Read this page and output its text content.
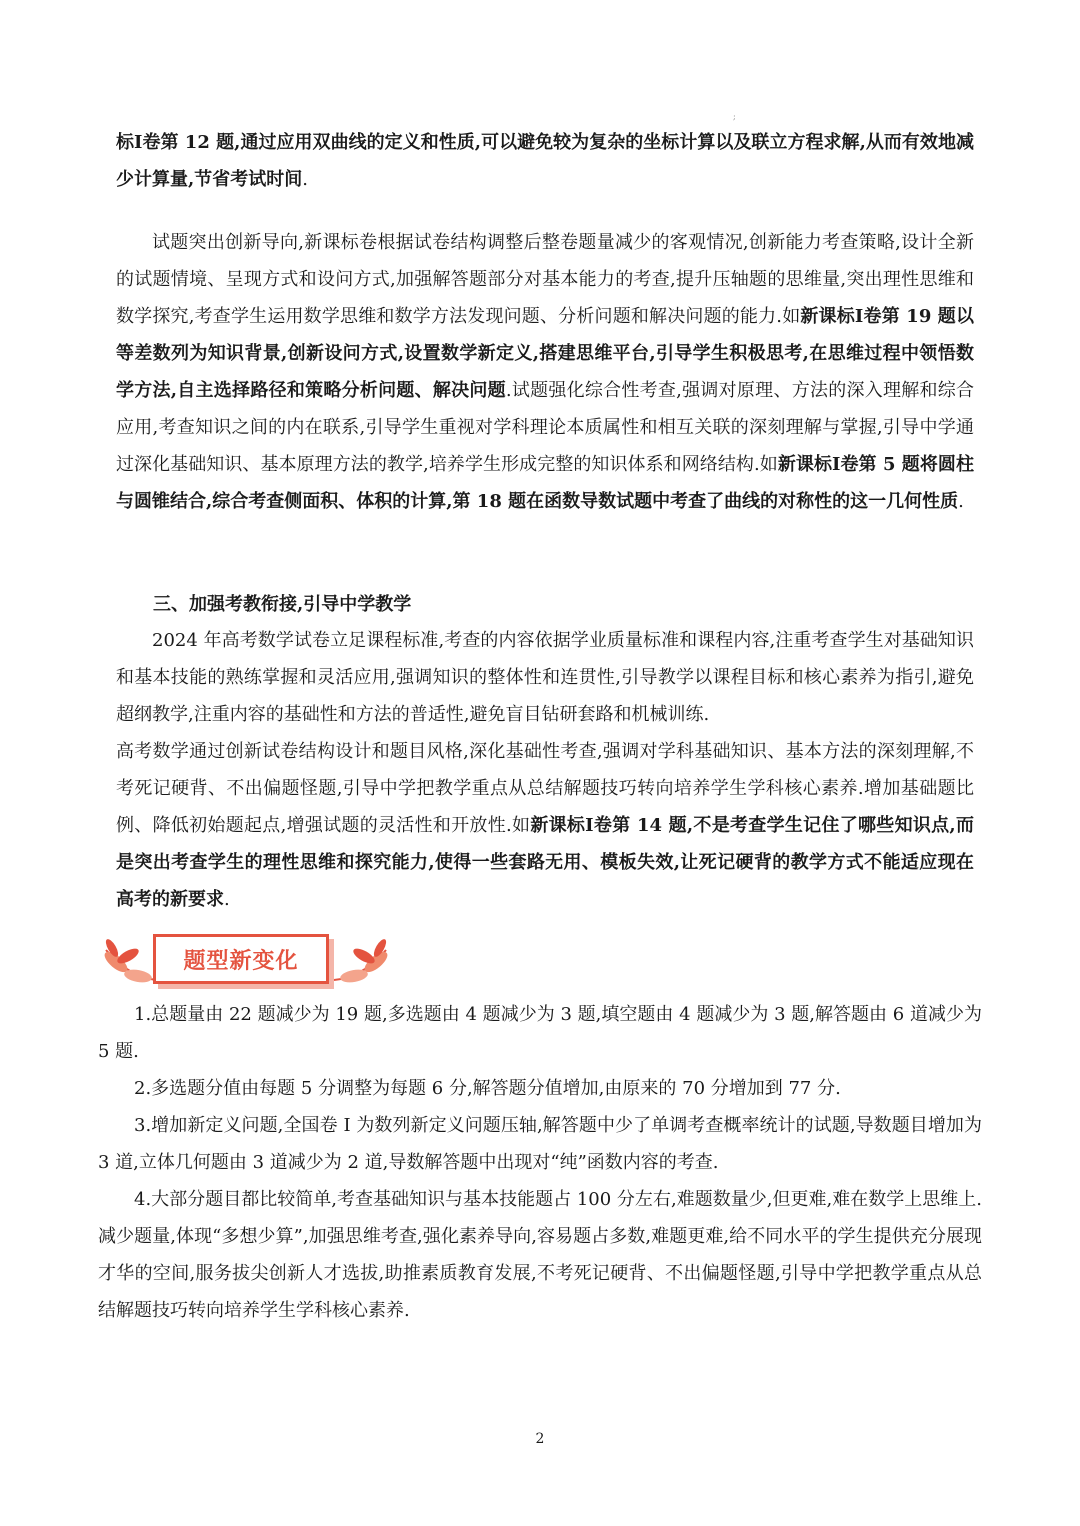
;

标Ⅰ卷第 12 题,通过应用双曲线的定义和性质,可以避免较为复杂的坐标计算以及联立方程求解,从而有效地减少计算量,节省考试时间.

试题突出创新导向,新课标卷根据试卷结构调整后整卷题量减少的客观情况,创新能力考查策略,设计全新的试题情境、呈现方式和设问方式,加强解答题部分对基本能力的考查,提升压轴题的思维量,突出理性思维和数学探究,考查学生运用数学思维和数学方法发现问题、分析问题和解决问题的能力.如新课标Ⅰ卷第 19 题以等差数列为知识背景,创新设问方式,设置数学新定义,搭建思维平台,引导学生积极思考,在思维过程中领悟数学方法,自主选择路径和策略分析问题、解决问题.试题强化综合性考查,强调对原理、方法的深入理解和综合应用,考查知识之间的内在联系,引导学生重视对学科理论本质属性和相互关联的深刻理解与掌握,引导中学通过深化基础知识、基本原理方法的教学,培养学生形成完整的知识体系和网络结构.如新课标Ⅰ卷第 5 题将圆柱与圆锥结合,综合考查侧面积、体积的计算,第 18 题在函数导数试题中考查了曲线的对称性的这一几何性质.

三、加强考教衔接,引导中学教学

2024 年高考数学试卷立足课程标准,考查的内容依据学业质量标准和课程内容,注重考查学生对基础知识和基本技能的熟练掌握和灵活应用,强调知识的整体性和连贯性,引导教学以课程目标和核心素养为指引,避免超纲教学,注重内容的基础性和方法的普适性,避免盲目钻研套路和机械训练.

高考数学通过创新试卷结构设计和题目风格,深化基础性考查,强调对学科基础知识、基本方法的深刻理解,不考死记硬背、不出偏题怪题,引导中学把教学重点从总结解题技巧转向培养学生学科核心素养.增加基础题比例、降低初始题起点,增强试题的灵活性和开放性.如新课标Ⅰ卷第 14 题,不是考查学生记住了哪些知识点,而是突出考查学生的理性思维和探究能力,使得一些套路无用、模板失效,让死记硬背的教学方式不能适应现在高考的新要求.

题型新变化

1.总题量由 22 题减少为 19 题,多选题由 4 题减少为 3 题,填空题由 4 题减少为 3 题,解答题由 6 道减少为 5 题.

2.多选题分值由每题 5 分调整为每题 6 分,解答题分值增加,由原来的 70 分增加到 77 分.

3.增加新定义问题,全国卷 I 为数列新定义问题压轴,解答题中少了单调考查概率统计的试题,导数题目增加为 3 道,立体几何题由 3 道减少为 2 道,导数解答题中出现对“纯”函数内容的考查.

4.大部分题目都比较简单,考查基础知识与基本技能题占 100 分左右,难题数量少,但更难,难在数学上思维上.减少题量,体现“多想少算”,加强思维考查,强化素养导向,容易题占多数,难题更难,给不同水平的学生提供充分展现才华的空间,服务拔尖创新人才选拔,助推素质教育发展,不考死记硬背、不出偏题怪题,引导中学把教学重点从总结解题技巧转向培养学生学科核心素养.

2
